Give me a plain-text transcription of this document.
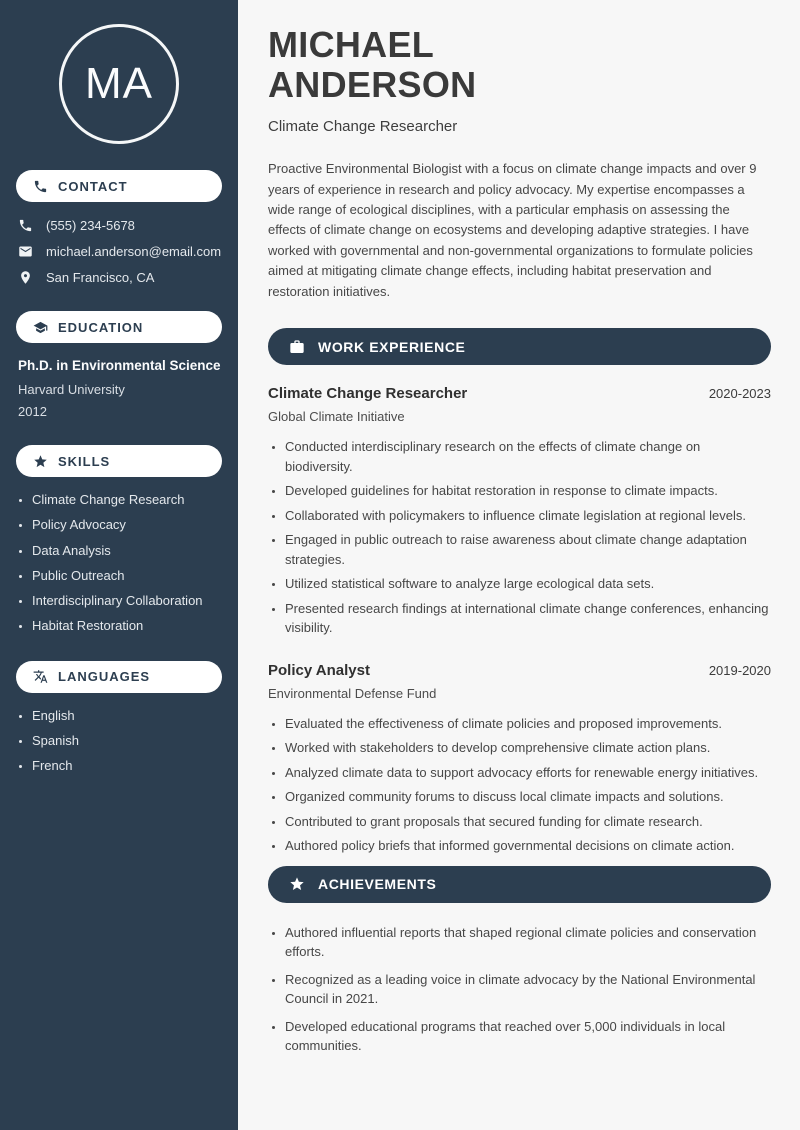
MA
CONTACT
(555) 234-5678
michael.anderson@email.com
San Francisco, CA
EDUCATION
Ph.D. in Environmental Science
Harvard University
2012
SKILLS
• Climate Change Research
• Policy Advocacy
• Data Analysis
• Public Outreach
• Interdisciplinary Collaboration
• Habitat Restoration
LANGUAGES
• English
• Spanish
• French
MICHAEL
ANDERSON
Climate Change Researcher

Proactive Environmental Biologist with a focus on climate change impacts and over 9 years of experience in research and policy advocacy. My expertise encompasses a wide range of ecological disciplines, with a particular emphasis on assessing the effects of climate change on ecosystems and developing adaptive strategies. I have worked with governmental and non-governmental organizations to formulate policies aimed at mitigating climate change effects, including habitat preservation and restoration initiatives.

WORK EXPERIENCE
Climate Change Researcher	2020-2023
Global Climate Initiative
• Conducted interdisciplinary research on the effects of climate change on biodiversity.
• Developed guidelines for habitat restoration in response to climate impacts.
• Collaborated with policymakers to influence climate legislation at regional levels.
• Engaged in public outreach to raise awareness about climate change adaptation strategies.
• Utilized statistical software to analyze large ecological data sets.
• Presented research findings at international climate change conferences, enhancing visibility.
Policy Analyst	2019-2020
Environmental Defense Fund
• Evaluated the effectiveness of climate policies and proposed improvements.
• Worked with stakeholders to develop comprehensive climate action plans.
• Analyzed climate data to support advocacy efforts for renewable energy initiatives.
• Organized community forums to discuss local climate impacts and solutions.
• Contributed to grant proposals that secured funding for climate research.
• Authored policy briefs that informed governmental decisions on climate action.
ACHIEVEMENTS
• Authored influential reports that shaped regional climate policies and conservation efforts.
• Recognized as a leading voice in climate advocacy by the National Environmental Council in 2021.
• Developed educational programs that reached over 5,000 individuals in local communities.
